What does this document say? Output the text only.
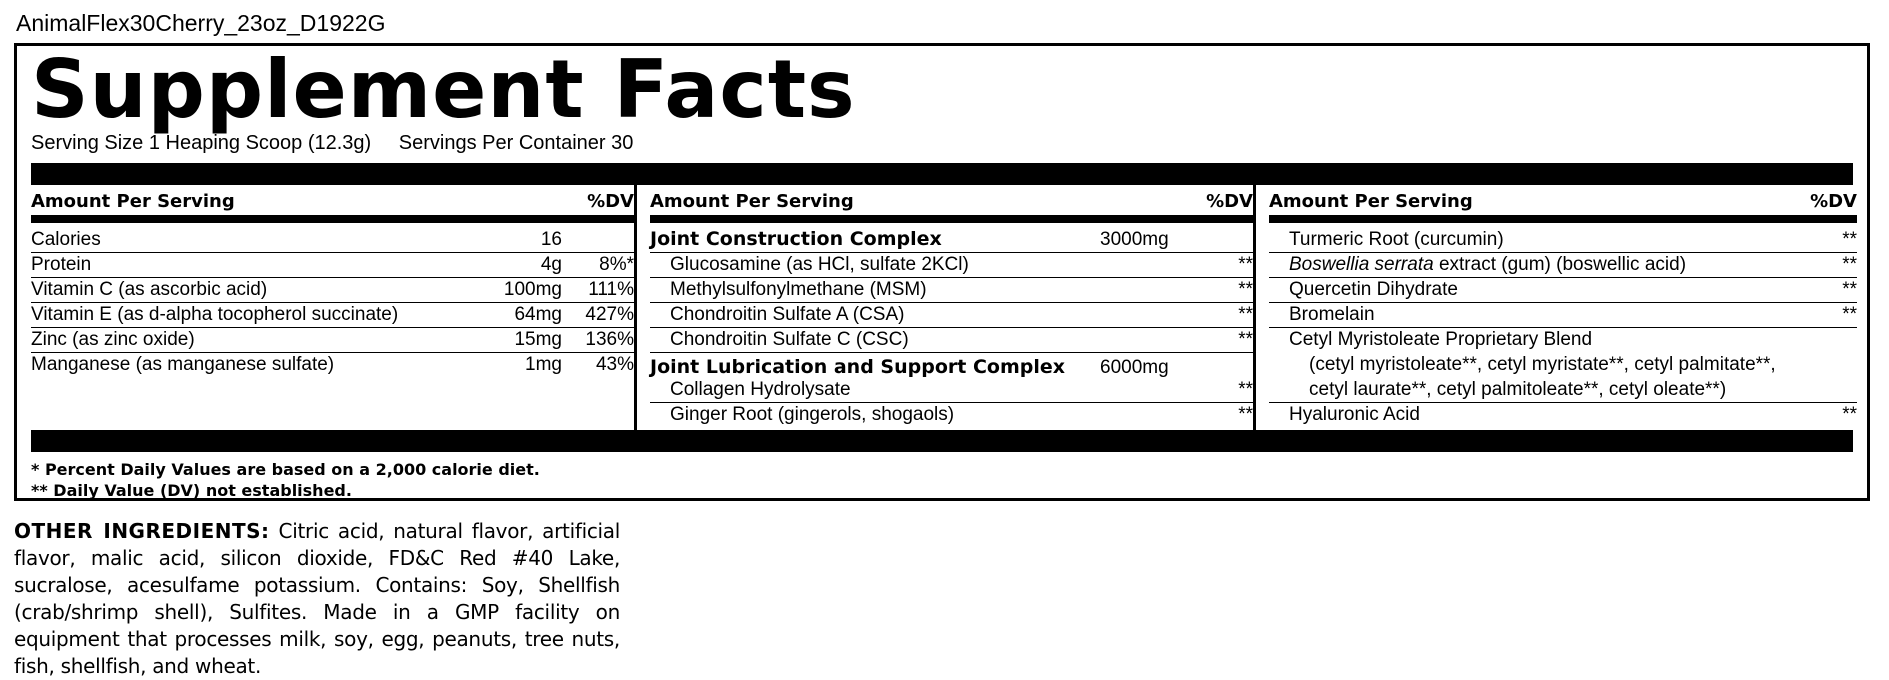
AnimalFlex30Cherry_23oz_D1922G
Supplement Facts
Serving Size 1 Heaping Scoop (12.3g) Servings Per Container 30
Amount Per Serving	%DV
Calories	16
Protein	4g 8%*
Vitamin C (as ascorbic acid)	100mg 111%
Vitamin E (as d-alpha tocopherol succinate)	64mg 427%
Zinc (as zinc oxide)	15mg 136%
Manganese (as manganese sulfate)	1mg 43%
Amount Per Serving	%DV
Joint Construction Complex	3000mg
Glucosamine (as HCl, sulfate 2KCl)	**
Methylsulfonylmethane (MSM)	**
Chondroitin Sulfate A (CSA)	**
Chondroitin Sulfate C (CSC)	**
Joint Lubrication and Support Complex 6000mg
Collagen Hydrolysate	**
Ginger Root (gingerols, shogaols)	**
Amount Per Serving	%DV
Turmeric Root (curcumin)	**
Boswellia serrata extract (gum) (boswellic acid)	**
Quercetin Dihydrate	**
Bromelain	**
Cetyl Myristoleate Proprietary Blend
(cetyl myristoleate**, cetyl myristate**, cetyl palmitate**,
cetyl laurate**, cetyl palmitoleate**, cetyl oleate**)
Hyaluronic Acid	**
* Percent Daily Values are based on a 2,000 calorie diet.
** Daily Value (DV) not established.
OTHER INGREDIENTS: Citric acid, natural flavor, artificial flavor, malic acid, silicon dioxide, FD&C Red #40 Lake, sucralose, acesulfame potassium. Contains: Soy, Shellfish (crab/shrimp shell), Sulfites. Made in a GMP facility on equipment that processes milk, soy, egg, peanuts, tree nuts, fish, shellfish, and wheat.
